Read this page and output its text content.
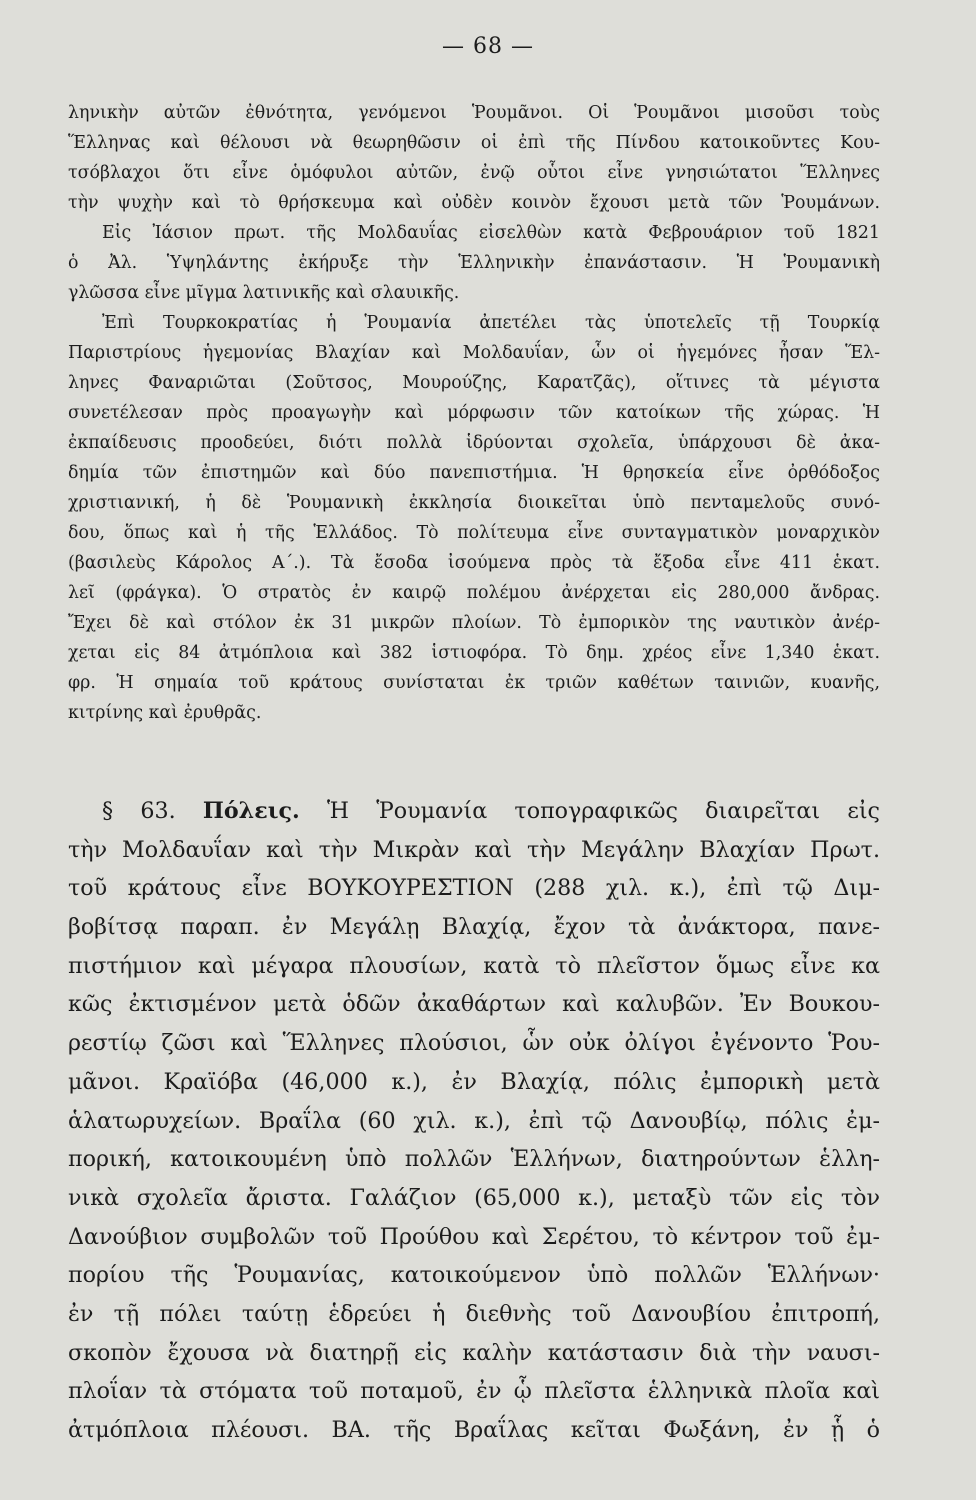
— 68 —
ληνικὴν αὐτῶν ἐθνότητα, γενόμενοι Ῥουμᾶνοι. Οἱ Ῥουμᾶνοι μισοῦσι τοὺς
Ἕλληνας καὶ θέλουσι νὰ θεωρηθῶσιν οἱ ἐπὶ τῆς Πίνδου κατοικοῦντες Κου-
τσόβλαχοι ὅτι εἶνε ὁμόφυλοι αὐτῶν, ἐνῷ οὗτοι εἶνε γνησιώτατοι Ἕλληνες
τὴν ψυχὴν καὶ τὸ θρήσκευμα καὶ οὐδὲν κοινὸν ἔχουσι μετὰ τῶν Ῥουμάνων.
Εἰς Ἰάσιον πρωτ. τῆς Μολδαυΐας εἰσελθὼν κατὰ Φεβρουάριον τοῦ 1821
ὁ Ἀλ. Ὑψηλάντης ἐκήρυξε τὴν Ἑλληνικὴν ἐπανάστασιν. Ἡ Ῥουμανικὴ
γλῶσσα εἶνε μῖγμα λατινικῆς καὶ σλαυικῆς.
Ἐπὶ Τουρκοκρατίας ἡ Ῥουμανία ἀπετέλει τὰς ὑποτελεῖς τῇ Τουρκίᾳ
Παριστρίους ἡγεμονίας Βλαχίαν καὶ Μολδαυΐαν, ὧν οἱ ἡγεμόνες ἦσαν Ἕλ-
ληνες Φαναριῶται (Σοῦτσος, Μουρούζης, Καρατζᾶς), οἵτινες τὰ μέγιστα
συνετέλεσαν πρὸς προαγωγὴν καὶ μόρφωσιν τῶν κατοίκων τῆς χώρας. Ἡ
ἐκπαίδευσις προοδεύει, διότι πολλὰ ἱδρύονται σχολεῖα, ὑπάρχουσι δὲ ἀκα-
δημία τῶν ἐπιστημῶν καὶ δύο πανεπιστήμια. Ἡ θρησκεία εἶνε ὀρθόδοξος
χριστιανική, ἡ δὲ Ῥουμανικὴ ἐκκλησία διοικεῖται ὑπὸ πενταμελοῦς συνό-
δου, ὅπως καὶ ἡ τῆς Ἑλλάδος. Τὸ πολίτευμα εἶνε συνταγματικὸν μοναρχικὸν
(βασιλεὺς Κάρολος Α΄.). Τὰ ἔσοδα ἰσούμενα πρὸς τὰ ἔξοδα εἶνε 411 ἑκατ.
λεῖ (φράγκα). Ὁ στρατὸς ἐν καιρῷ πολέμου ἀνέρχεται εἰς 280,000 ἄνδρας.
Ἔχει δὲ καὶ στόλον ἐκ 31 μικρῶν πλοίων. Τὸ ἐμπορικὸν της ναυτικὸν ἀνέρ-
χεται εἰς 84 ἀτμόπλοια καὶ 382 ἱστιοφόρα. Τὸ δημ. χρέος εἶνε 1,340 ἑκατ.
φρ. Ἡ σημαία τοῦ κράτους συνίσταται ἐκ τριῶν καθέτων ταινιῶν, κυανῆς,
κιτρίνης καὶ ἐρυθρᾶς.
§ 63. Πόλεις. Ἡ Ῥουμανία τοπογραφικῶς διαιρεῖται εἰς
τὴν Μολδαυΐαν καὶ τὴν Μικρὰν καὶ τὴν Μεγάλην Βλαχίαν Πρωτ.
τοῦ κράτους εἶνε ΒΟΥΚΟΥΡΕΣΤΙΟΝ (288 χιλ. κ.), ἐπὶ τῷ Διμ-
βοβίτσᾳ παραπ. ἐν Μεγάλῃ Βλαχίᾳ, ἔχον τὰ ἀνάκτορα, πανε-
πιστήμιον καὶ μέγαρα πλουσίων, κατὰ τὸ πλεῖστον ὅμως εἶνε κα
κῶς ἐκτισμένον μετὰ ὁδῶν ἀκαθάρτων καὶ καλυβῶν. Ἐν Βουκου-
ρεστίῳ ζῶσι καὶ Ἕλληνες πλούσιοι, ὧν οὐκ ὀλίγοι ἐγένοντο Ῥου-
μᾶνοι. Κραϊόβα (46,000 κ.), ἐν Βλαχίᾳ, πόλις ἐμπορικὴ μετὰ
ἁλατωρυχείων. Βραΐλα (60 χιλ. κ.), ἐπὶ τῷ Δανουβίῳ, πόλις ἐμ-
πορική, κατοικουμένη ὑπὸ πολλῶν Ἑλλήνων, διατηρούντων ἑλλη-
νικὰ σχολεῖα ἄριστα. Γαλάζιον (65,000 κ.), μεταξὺ τῶν εἰς τὸν
Δανούβιον συμβολῶν τοῦ Προύθου καὶ Σερέτου, τὸ κέντρον τοῦ ἐμ-
πορίου τῆς Ῥουμανίας, κατοικούμενον ὑπὸ πολλῶν Ἑλλήνων·
ἐν τῇ πόλει ταύτῃ ἑδρεύει ἡ διεθνὴς τοῦ Δανουβίου ἐπιτροπή,
σκοπὸν ἔχουσα νὰ διατηρῇ εἰς καλὴν κατάστασιν διὰ τὴν ναυσι-
πλοΐαν τὰ στόματα τοῦ ποταμοῦ, ἐν ᾧ πλεῖστα ἑλληνικὰ πλοῖα καὶ
ἀτμόπλοια πλέουσι. ΒΑ. τῆς Βραΐλας κεῖται Φωξάνη, ἐν ᾗ ὁ
